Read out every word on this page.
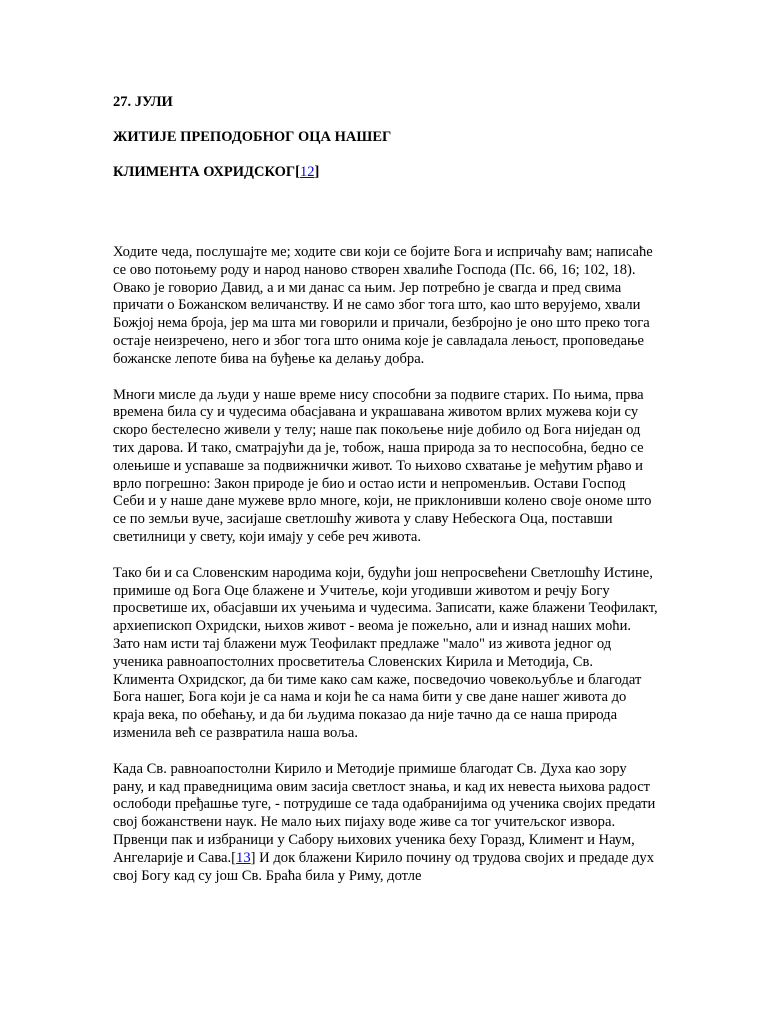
27. ЈУЛИ

ЖИТИЈЕ ПРЕПОДОБНОГ ОЦА НАШЕГ

КЛИМЕНТА ОХРИДСКОГ[12]

Ходите чеда, послушајте ме; ходите сви који се бојите Бога и испричаћу вам; написаће се ово потоњему роду и народ наново створен хвалиће Господа (Пс. 66, 16; 102, 18). Овако је говорио Давид, а и ми данас са њим. Јер потребно је свагда и пред свима причати о Божанском величанству. И не само због тога што, као што верујемо, хвали Божјој нема броја, јер ма шта ми говорили и причали, безбројно је оно што преко тога остаје неизречено, него и због тога што онима које је савладала лењост, проповедање божанске лепоте бива на буђење ка делању добра.

Многи мисле да људи у наше време нису способни за подвиге старих. По њима, прва времена била су и чудесима обасјавана и украшавана животом врлих мужева који су скоро бестелесно живели у телу; наше пак покољење није добило од Бога ниједан од тих дарова. И тако, сматрајући да је, тобож, наша природа за то неспособна, бедно се олењише и успаваше за подвижнички живот. То њихово схватање је међутим рђаво и врло погрешно: Закон природе је био и остао исти и непроменљив. Остави Господ Себи и у наше дане мужеве врло многе, који, не приклонивши колено своје ономе што се по земљи вуче, засијаше светлошћу живота у славу Небескога Оца, поставши светилници у свету, који имају у себе реч живота.

Тако би и са Словенским народима који, будући још непросвећени Светлошћу Истине, примише од Бога Оце блажене и Учитеље, који угодивши животом и речју Богу просветише их, обасјавши их учењима и чудесима. Записати, каже блажени Теофилакт, архиепископ Охридски, њихов живот - веома је пожељно, али и изнад наших моћи. Зато нам исти тај блажени муж Теофилакт предлаже "мало" из живота једног од ученика равноапостолних просветитеља Словенских Кирила и Методија, Св. Климента Охридског, да би тиме како сам каже, посведочио човекољубље и благодат Бога нашег, Бога који је са нама и који ће са нама бити у све дане нашег живота до краја века, по обећању, и да би људима показао да није тачно да се наша природа изменила већ се развратила наша воља.

Када Св. равноапостолни Кирило и Методије примише благодат Св. Духа као зору рану, и кад праведницима овим засија светлост знања, и кад их невеста њихова радост ослободи пређашње туге, - потрудише се тада одабранијима од ученика својих предати свој божанствени наук. Не мало њих пијаху воде живе са тог учитељског извора. Првенци пак и избраници у Сабору њихових ученика беху Горазд, Климент и Наум, Ангеларије и Сава.[13] И док блажени Кирило почину од трудова својих и предаде дух свој Богу кад су још Св. Браћа била у Риму, дотле
